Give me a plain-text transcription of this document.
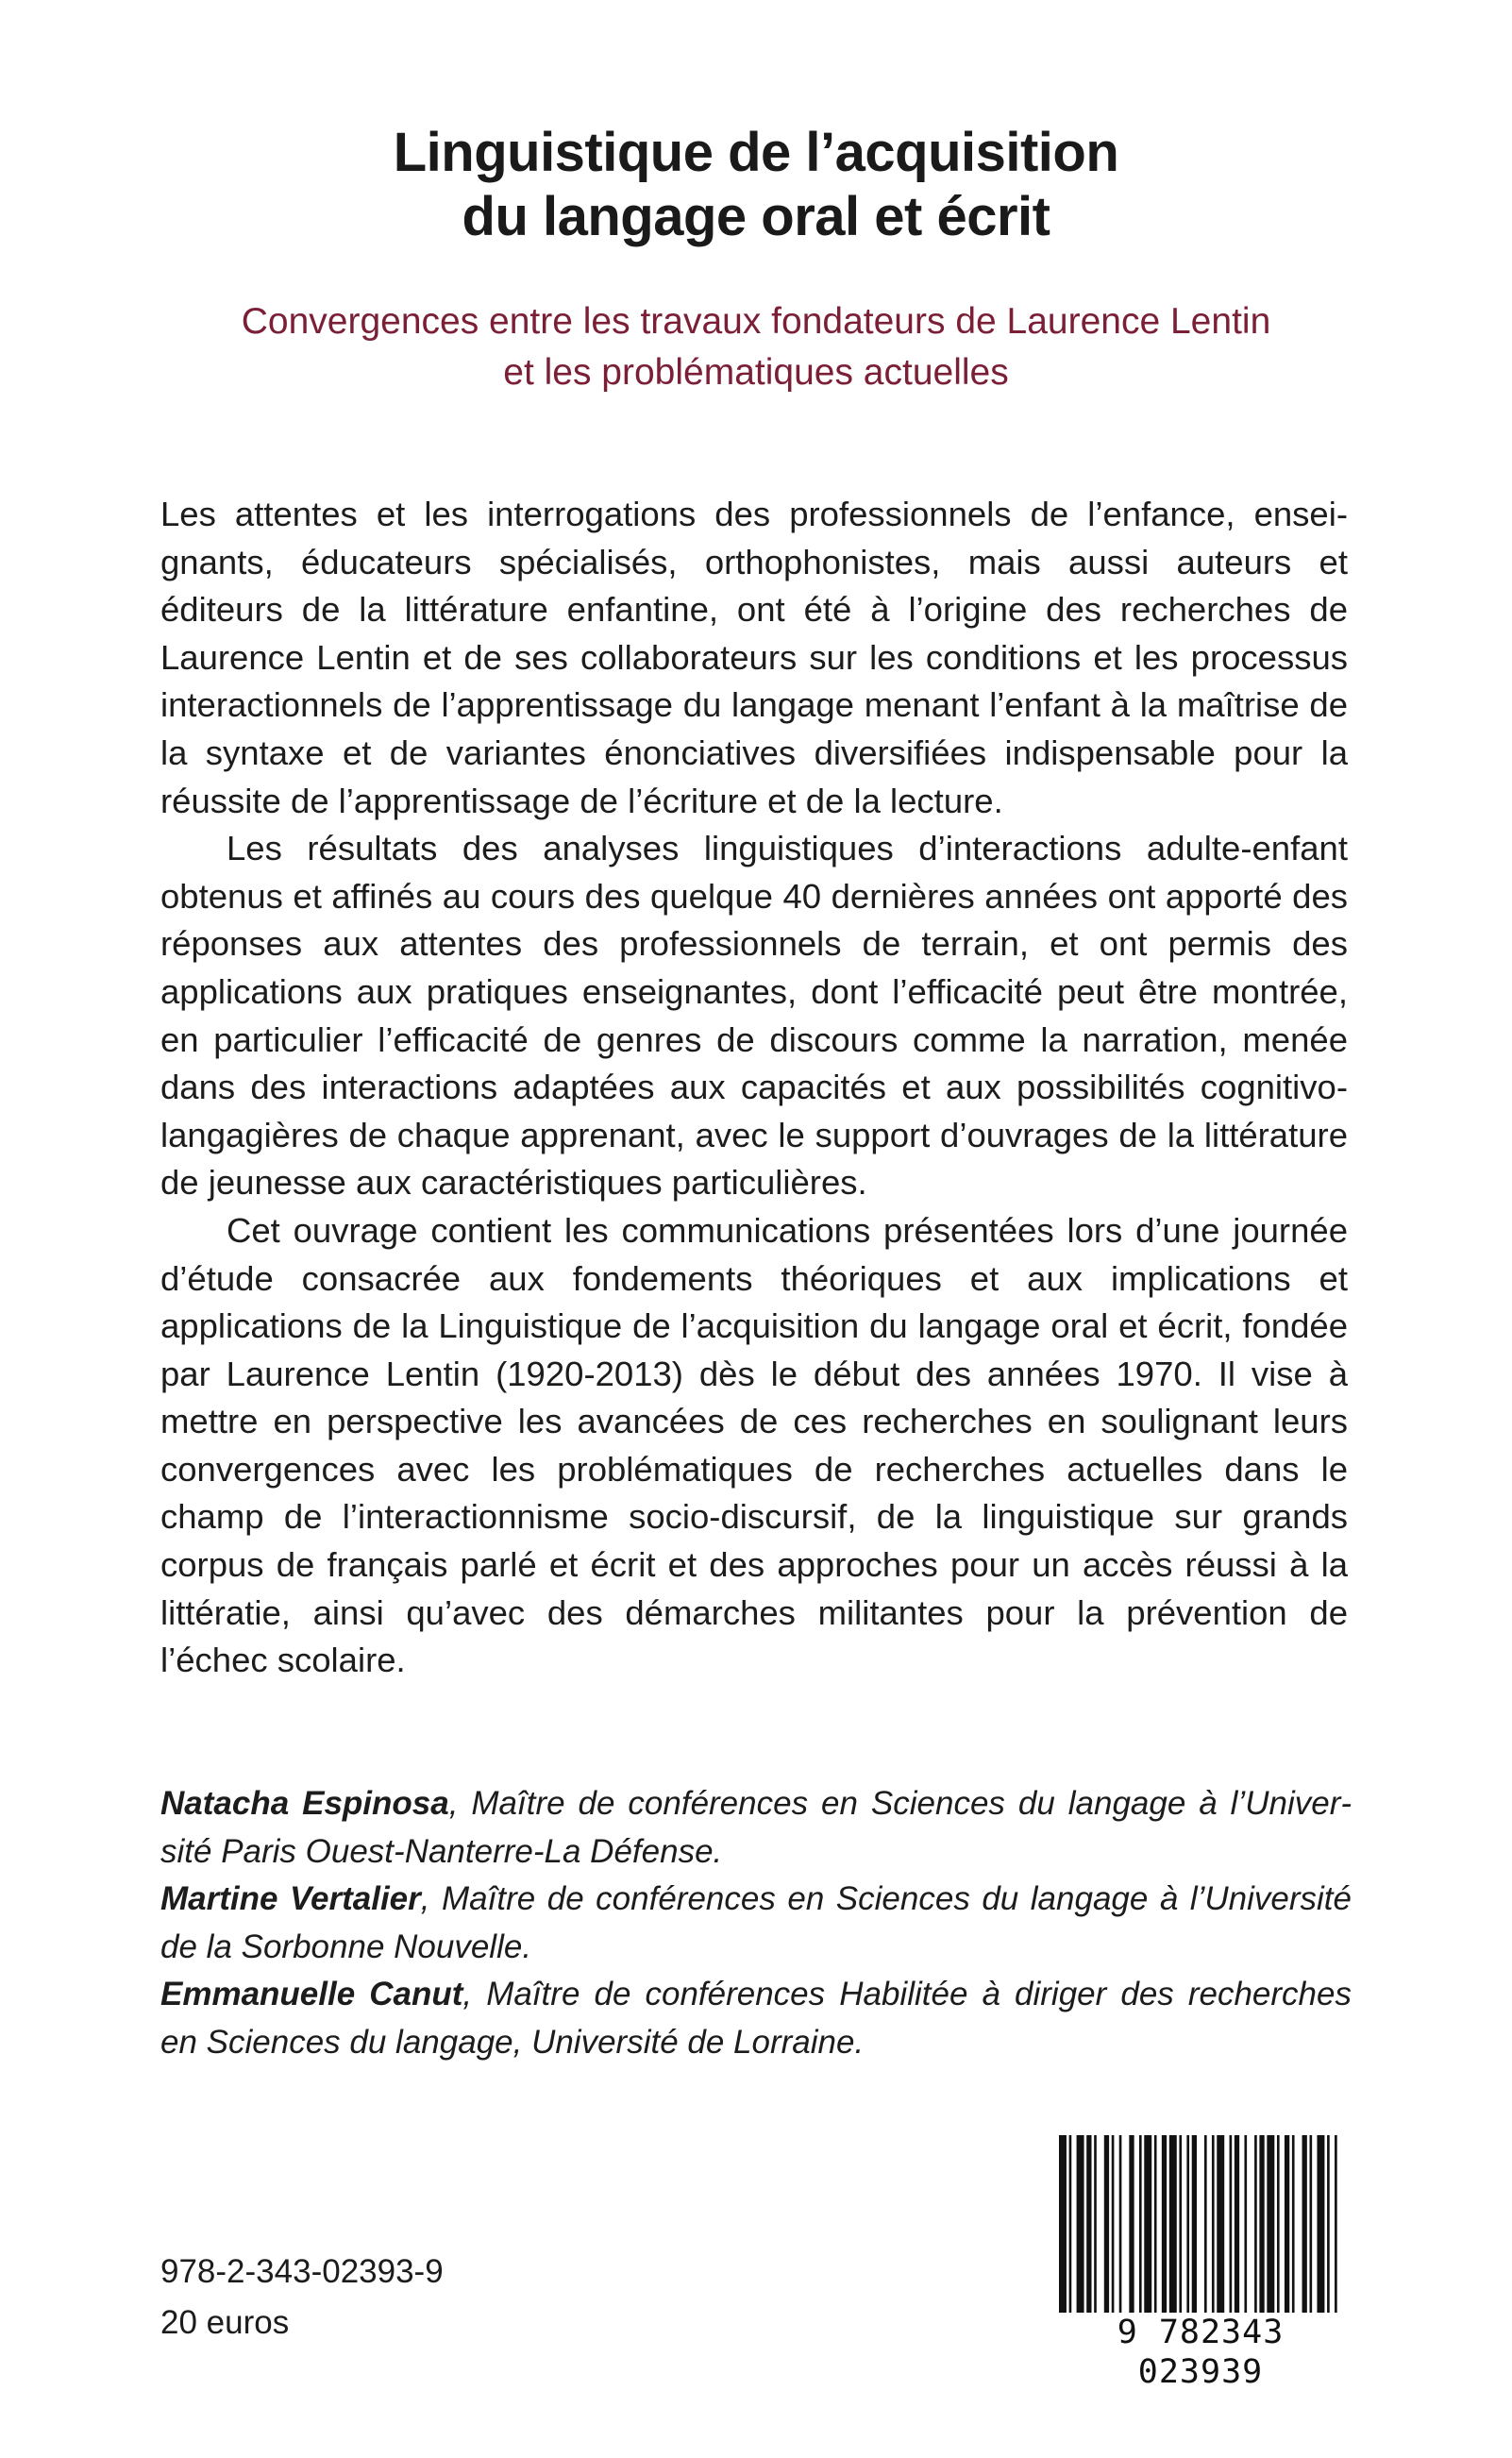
Linguistique de l’acquisition
du langage oral et écrit
Convergences entre les travaux fondateurs de Laurence Lentin
et les problématiques actuelles

Les attentes et les interrogations des professionnels de l’enfance, enseignants, éducateurs spécialisés, orthophonistes, mais aussi auteurs et éditeurs de la littérature enfantine, ont été à l’origine des recherches de Laurence Lentin et de ses collaborateurs sur les conditions et les processus interactionnels de l’apprentissage du langage menant l’enfant à la maîtrise de la syntaxe et de variantes énonciatives diversifiées indispensable pour la réussite de l’apprentissage de l’écriture et de la lecture.

Les résultats des analyses linguistiques d’interactions adulte-enfant obtenus et affinés au cours des quelque 40 dernières années ont apporté des réponses aux attentes des professionnels de terrain, et ont permis des applications aux pratiques enseignantes, dont l’efficacité peut être montrée, en particulier l’efficacité de genres de discours comme la narration, menée dans des interactions adaptées aux capacités et aux possibilités cognitivo-langagières de chaque apprenant, avec le support d’ouvrages de la littérature de jeunesse aux caractéristiques particulières.

Cet ouvrage contient les communications présentées lors d’une journée d’étude consacrée aux fondements théoriques et aux implications et applications de la Linguistique de l’acquisition du langage oral et écrit, fondée par Laurence Lentin (1920-2013) dès le début des années 1970. Il vise à mettre en perspective les avancées de ces recherches en soulignant leurs convergences avec les problématiques de recherches actuelles dans le champ de l’interactionnisme socio-discursif, de la linguistique sur grands corpus de français parlé et écrit et des approches pour un accès réussi à la littératie, ainsi qu’avec des démarches militantes pour la prévention de l’échec scolaire.

Natacha Espinosa, Maître de conférences en Sciences du langage à l’Université Paris Ouest-Nanterre-La Défense.

Martine Vertalier, Maître de conférences en Sciences du langage à l’Université de la Sorbonne Nouvelle.

Emmanuelle Canut, Maître de conférences Habilitée à diriger des recherches en Sciences du langage, Université de Lorraine.

978-2-343-02393-9
20 euros	9 782343 023939
